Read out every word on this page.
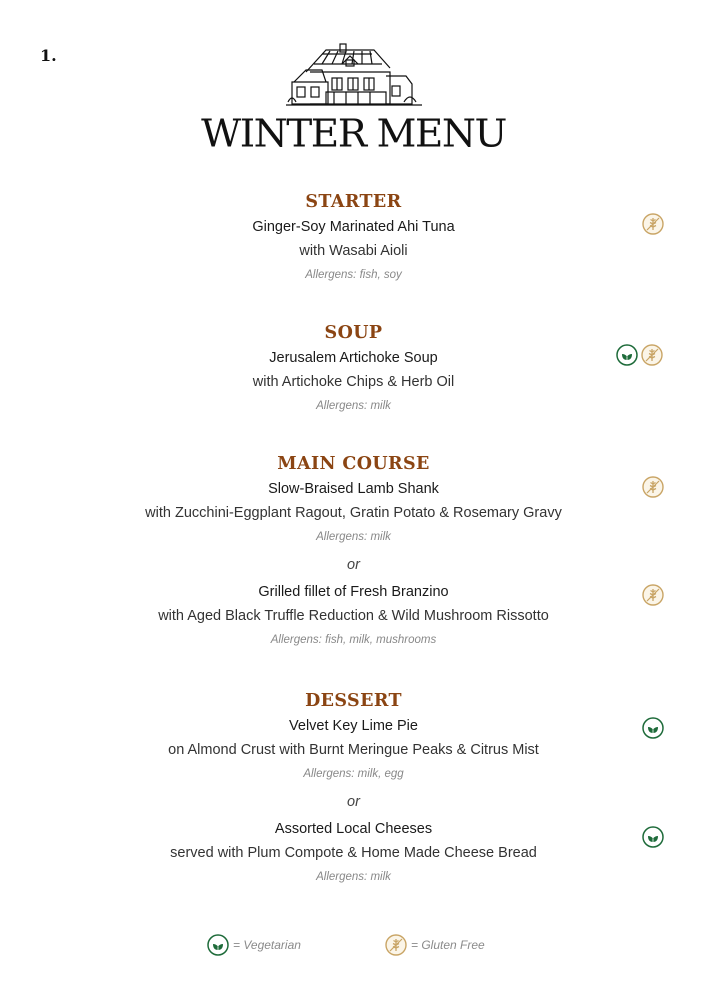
1.
WINTER MENU
STARTER
Ginger-Soy Marinated Ahi Tuna
with Wasabi Aioli
Allergens: fish, soy
SOUP
Jerusalem Artichoke Soup
with Artichoke Chips & Herb Oil
Allergens: milk
MAIN COURSE
Slow-Braised Lamb Shank
with Zucchini-Eggplant Ragout, Gratin Potato & Rosemary Gravy
Allergens: milk
or
Grilled fillet of Fresh Branzino
with Aged Black Truffle Reduction & Wild Mushroom Rissotto
Allergens: fish, milk, mushrooms
DESSERT
Velvet Key Lime Pie
on Almond Crust with Burnt Meringue Peaks & Citrus Mist
Allergens: milk, egg
or
Assorted Local Cheeses
served with Plum Compote & Home Made Cheese Bread
Allergens: milk
= Vegetarian	= Gluten Free
